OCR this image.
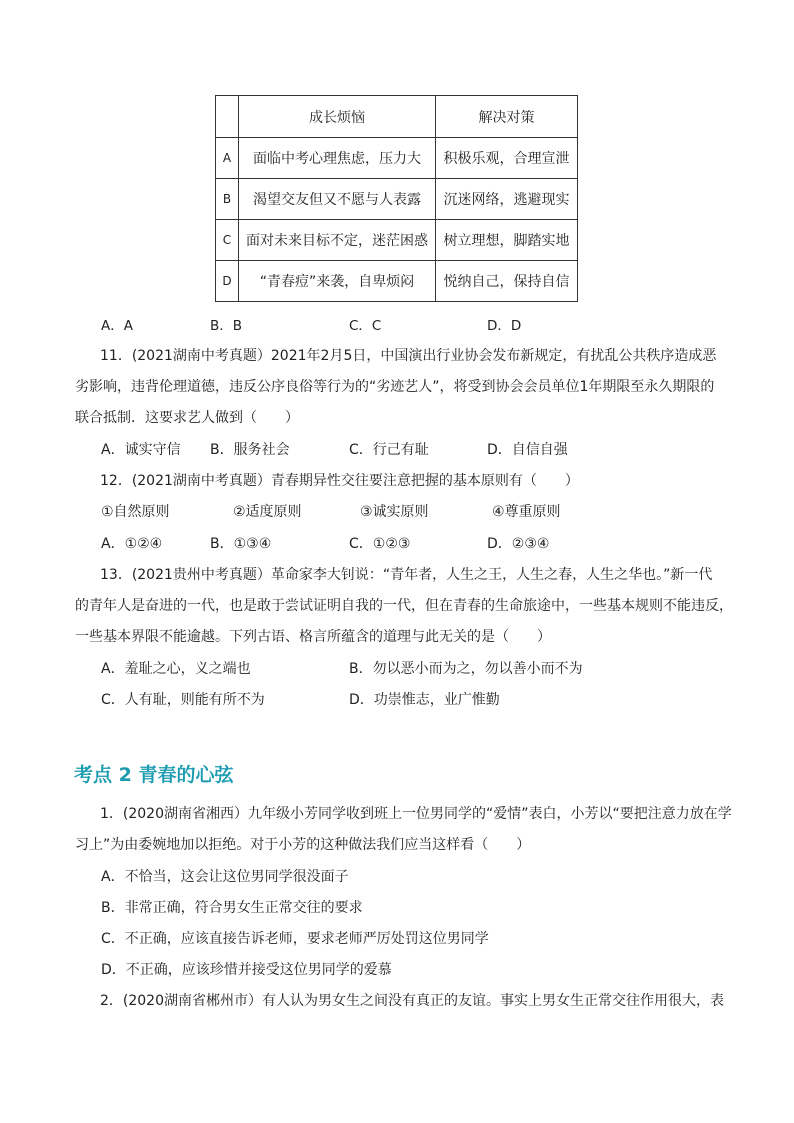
	成长烦恼	解决对策
A	面临中考心理焦虑，压力大	积极乐观，合理宣泄
B	渴望交友但又不愿与人表露	沉迷网络，逃避现实
C	面对未来目标不定，迷茫困惑	树立理想，脚踏实地
D	“青春痘”来袭，自卑烦闷	悦纳自己，保持自信
A．A	B．B	C．C	D．D
11．(2021湖南中考真题）2021年2月5日，中国演出行业协会发布新规定，有扰乱公共秩序造成恶
劣影响，违背伦理道德，违反公序良俗等行为的“劣迹艺人”，将受到协会会员单位1年期限至永久期限的
联合抵制．这要求艺人做到（　　）
A．诚实守信 B．服务社会	C．行己有耻	D．自信自强
12．(2021湖南中考真题）青春期异性交往要注意把握的基本原则有（　　）
①自然原则	②适度原则	③诚实原则	④尊重原则
A．①②④	B．①③④	C．①②③	D．②③④
13．(2021贵州中考真题）革命家李大钊说：“青年者，人生之王，人生之春，人生之华也。”新一代
的青年人是奋进的一代，也是敢于尝试证明自我的一代，但在青春的生命旅途中，一些基本规则不能违反，
一些基本界限不能逾越。下列古语、格言所蕴含的道理与此无关的是（　　）
A．羞耻之心，义之端也	B．勿以恶小而为之，勿以善小而不为
C．人有耻，则能有所不为	D．功崇惟志，业广惟勤
考点 2 青春的心弦
1．(2020湖南省湘西）九年级小芳同学收到班上一位男同学的“爱情”表白，小芳以“要把注意力放在学
习上”为由委婉地加以拒绝。对于小芳的这种做法我们应当这样看（　　）
A．不恰当，这会让这位男同学很没面子
B．非常正确，符合男女生正常交往的要求
C．不正确，应该直接告诉老师，要求老师严厉处罚这位男同学
D．不正确，应该珍惜并接受这位男同学的爱慕
2．(2020湖南省郴州市）有人认为男女生之间没有真正的友谊。事实上男女生正常交往作用很大，表
